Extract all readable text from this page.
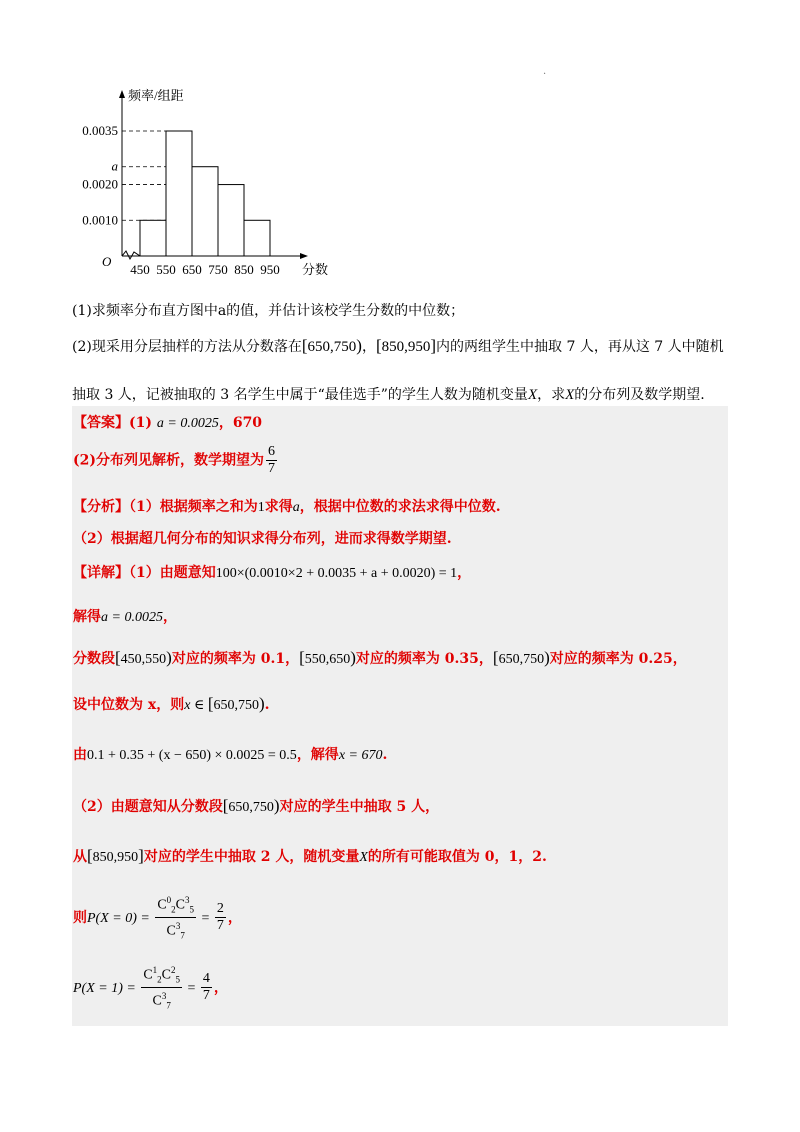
.
0.0035
a
0.0020
0.0010
450 550 650 750 850 950 分数
频率/组距
O
(1)求频率分布直方图中a的值，并估计该校学生分数的中位数；
(2)现采用分层抽样的方法从分数落在[650,750)，[850,950]内的两组学生中抽取 7 人，再从这 7 人中随机
抽取 3 人，记被抽取的 3 名学生中属于“最佳选手”的学生人数为随机变量X，求X的分布列及数学期望.
【答案】(1) a = 0.0025，670
(2)分布列见解析，数学期望为 $\frac{6}{7}$
【分析】（1）根据频率之和为1求得a，根据中位数的求法求得中位数.
（2）根据超几何分布的知识求得分布列，进而求得数学期望.
【详解】（1）由题意知100×(0.0010×2 + 0.0035 + a + 0.0020) = 1，
解得a = 0.0025，
分数段[450,550)对应的频率为 0.1，[550,650)对应的频率为 0.35，[650,750)对应的频率为 0.25，
设中位数为 x，则x ∈ [650,750).
由0.1 + 0.35 + (x − 650) × 0.0025 = 0.5，解得x = 670.
（2）由题意知从分数段[650,750)对应的学生中抽取 5 人，
从[850,950]对应的学生中抽取 2 人，随机变量X的所有可能取值为 0，1，2.
则$P(X = 0) = \frac{C^0_2C^3_5}{C^3_7} = \frac{2}{7}$ ，
$P(X = 1) = \frac{C^1_2C^2_5}{C^3_7} = \frac{4}{7}$ ，
